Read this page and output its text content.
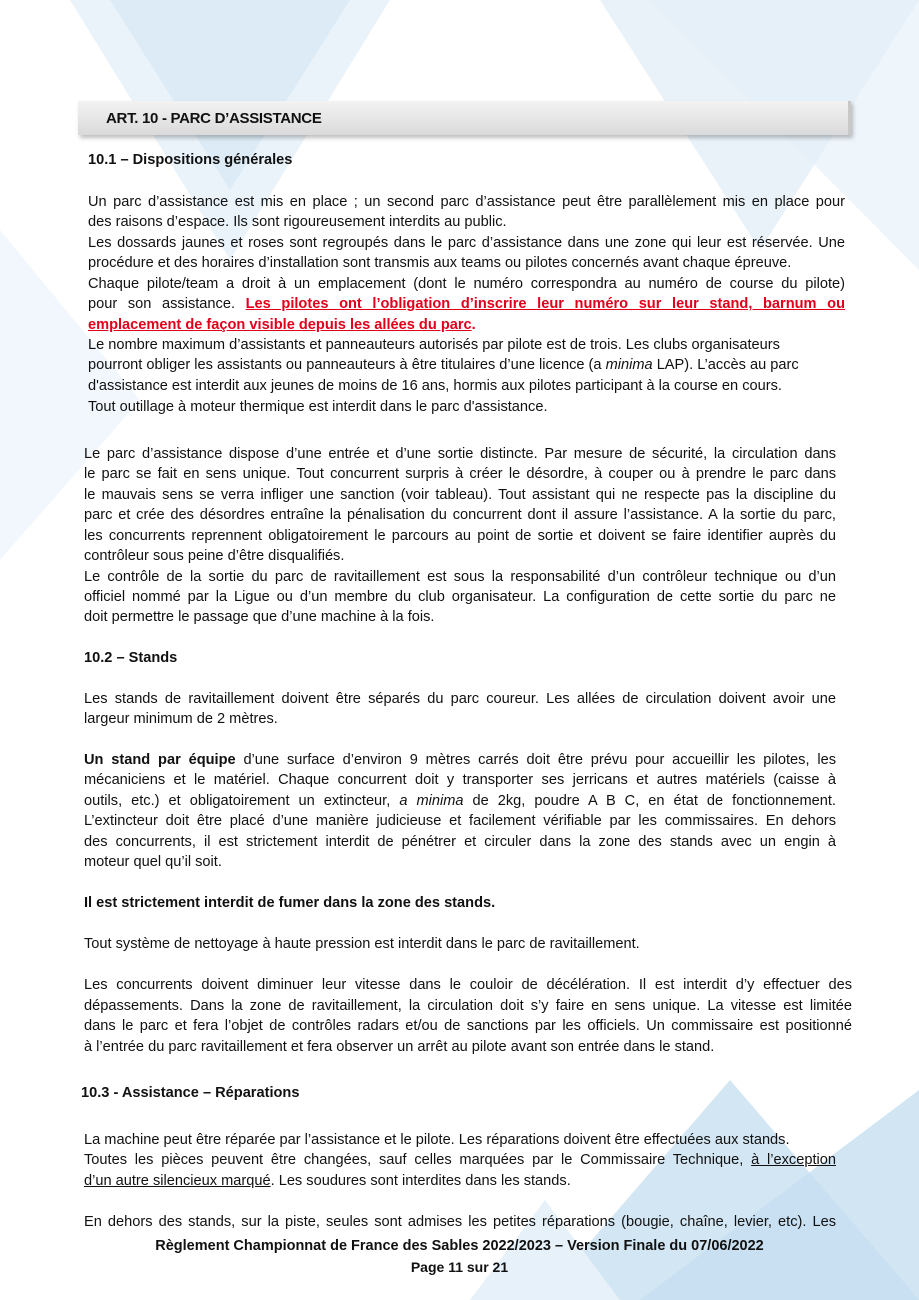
ART. 10 - PARC D’ASSISTANCE
10.1 – Dispositions générales
Un parc d’assistance est mis en place ; un second parc d’assistance peut être parallèlement mis en place pour
des raisons d’espace. Ils sont rigoureusement interdits au public.
Les dossards jaunes et roses sont regroupés dans le parc d’assistance dans une zone qui leur est réservée. Une
procédure et des horaires d’installation sont transmis aux teams ou pilotes concernés avant chaque épreuve.
Chaque pilote/team a droit à un emplacement (dont le numéro correspondra au numéro de course du pilote)
pour son assistance. Les pilotes ont l’obligation d’inscrire leur numéro sur leur stand, barnum ou
emplacement de façon visible depuis les allées du parc.
Le nombre maximum d’assistants et panneauteurs autorisés par pilote est de trois. Les clubs organisateurs
pourront obliger les assistants ou panneauteurs à être titulaires d’une licence (a minima LAP). L’accès au parc
d'assistance est interdit aux jeunes de moins de 16 ans, hormis aux pilotes participant à la course en cours.
Tout outillage à moteur thermique est interdit dans le parc d'assistance.
Le parc d’assistance dispose d’une entrée et d’une sortie distincte. Par mesure de sécurité, la circulation dans
le parc se fait en sens unique. Tout concurrent surpris à créer le désordre, à couper ou à prendre le parc dans
le mauvais sens se verra infliger une sanction (voir tableau). Tout assistant qui ne respecte pas la discipline du
parc et crée des désordres entraîne la pénalisation du concurrent dont il assure l’assistance. A la sortie du parc,
les concurrents reprennent obligatoirement le parcours au point de sortie et doivent se faire identifier auprès du
contrôleur sous peine d’être disqualifiés.
Le contrôle de la sortie du parc de ravitaillement est sous la responsabilité d’un contrôleur technique ou d’un
officiel nommé par la Ligue ou d’un membre du club organisateur. La configuration de cette sortie du parc ne
doit permettre le passage que d’une machine à la fois.
10.2 – Stands
Les stands de ravitaillement doivent être séparés du parc coureur. Les allées de circulation doivent avoir une
largeur minimum de 2 mètres.
Un stand par équipe d’une surface d’environ 9 mètres carrés doit être prévu pour accueillir les pilotes, les
mécaniciens et le matériel. Chaque concurrent doit y transporter ses jerricans et autres matériels (caisse à
outils, etc.) et obligatoirement un extincteur, a minima de 2kg, poudre A B C, en état de fonctionnement.
L’extincteur doit être placé d’une manière judicieuse et facilement vérifiable par les commissaires. En dehors
des concurrents, il est strictement interdit de pénétrer et circuler dans la zone des stands avec un engin à
moteur quel qu’il soit.
Il est strictement interdit de fumer dans la zone des stands.
Tout système de nettoyage à haute pression est interdit dans le parc de ravitaillement.
Les concurrents doivent diminuer leur vitesse dans le couloir de décélération. Il est interdit d’y effectuer des
dépassements. Dans la zone de ravitaillement, la circulation doit s’y faire en sens unique. La vitesse est limitée
dans le parc et fera l’objet de contrôles radars et/ou de sanctions par les officiels. Un commissaire est positionné
à l’entrée du parc ravitaillement et fera observer un arrêt au pilote avant son entrée dans le stand.
10.3 - Assistance – Réparations
La machine peut être réparée par l’assistance et le pilote. Les réparations doivent être effectuées aux stands.
Toutes les pièces peuvent être changées, sauf celles marquées par le Commissaire Technique, à l’exception
d’un autre silencieux marqué. Les soudures sont interdites dans les stands.
En dehors des stands, sur la piste, seules sont admises les petites réparations (bougie, chaîne, levier, etc). Les
Règlement Championnat de France des Sables 2022/2023 – Version Finale du 07/06/2022
Page 11 sur 21
